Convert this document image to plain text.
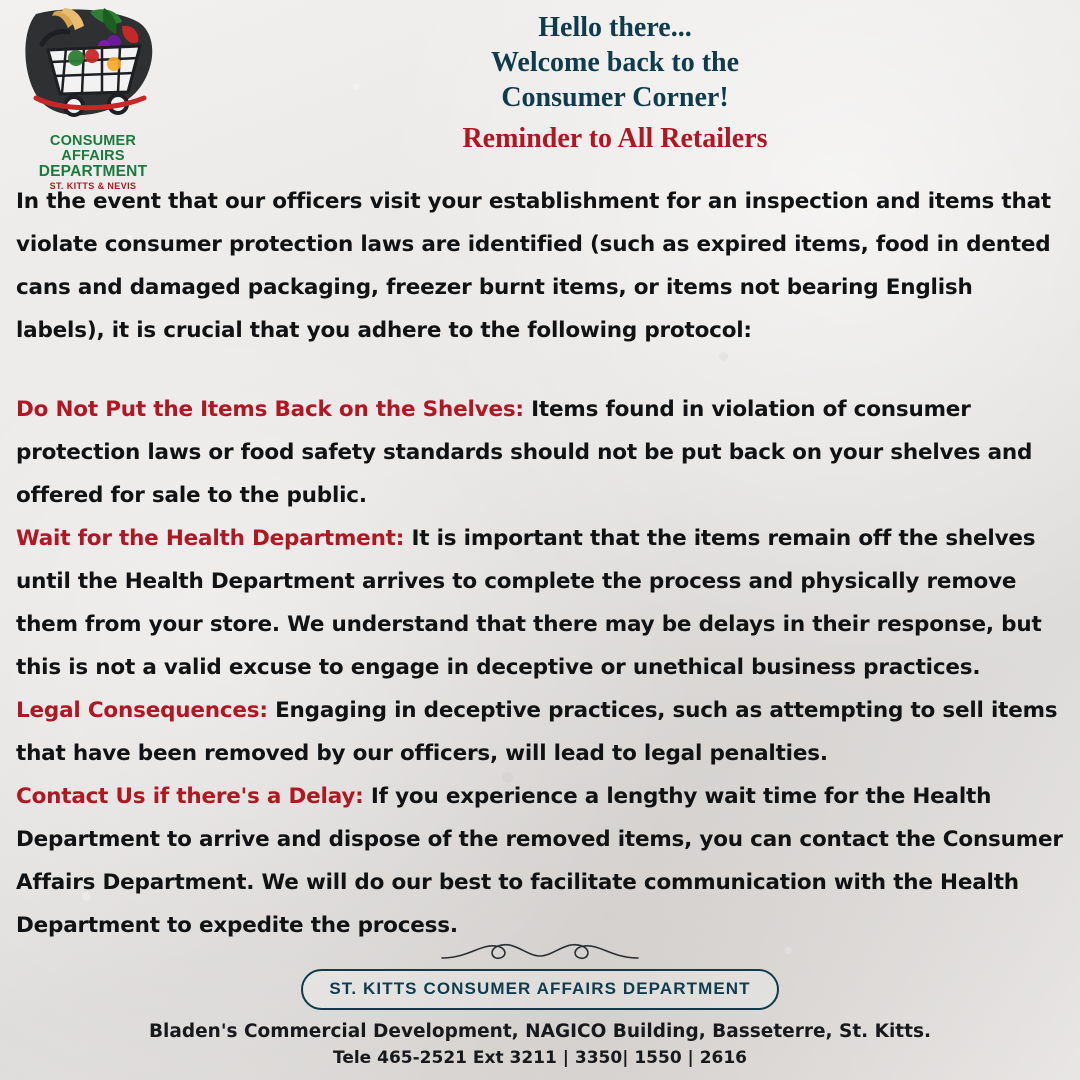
CONSUMER AFFAIRS
DEPARTMENT
ST. KITTS & NEVIS
Hello there...
Welcome back to the
Consumer Corner!
Reminder to All Retailers

In the event that our officers visit your establishment for an inspection and items that violate consumer protection laws are identified (such as expired items, food in dented cans and damaged packaging, freezer burnt items, or items not bearing English labels), it is crucial that you adhere to the following protocol:

Do Not Put the Items Back on the Shelves: Items found in violation of consumer protection laws or food safety standards should not be put back on your shelves and offered for sale to the public.

Wait for the Health Department: It is important that the items remain off the shelves until the Health Department arrives to complete the process and physically remove them from your store. We understand that there may be delays in their response, but this is not a valid excuse to engage in deceptive or unethical business practices.

Legal Consequences: Engaging in deceptive practices, such as attempting to sell items that have been removed by our officers, will lead to legal penalties.

Contact Us if there's a Delay: If you experience a lengthy wait time for the Health Department to arrive and dispose of the removed items, you can contact the Consumer Affairs Department. We will do our best to facilitate communication with the Health Department to expedite the process.

ST. KITTS CONSUMER AFFAIRS DEPARTMENT
Bladen's Commercial Development, NAGICO Building, Basseterre, St. Kitts.
Tele 465-2521 Ext 3211 | 3350| 1550 | 2616
